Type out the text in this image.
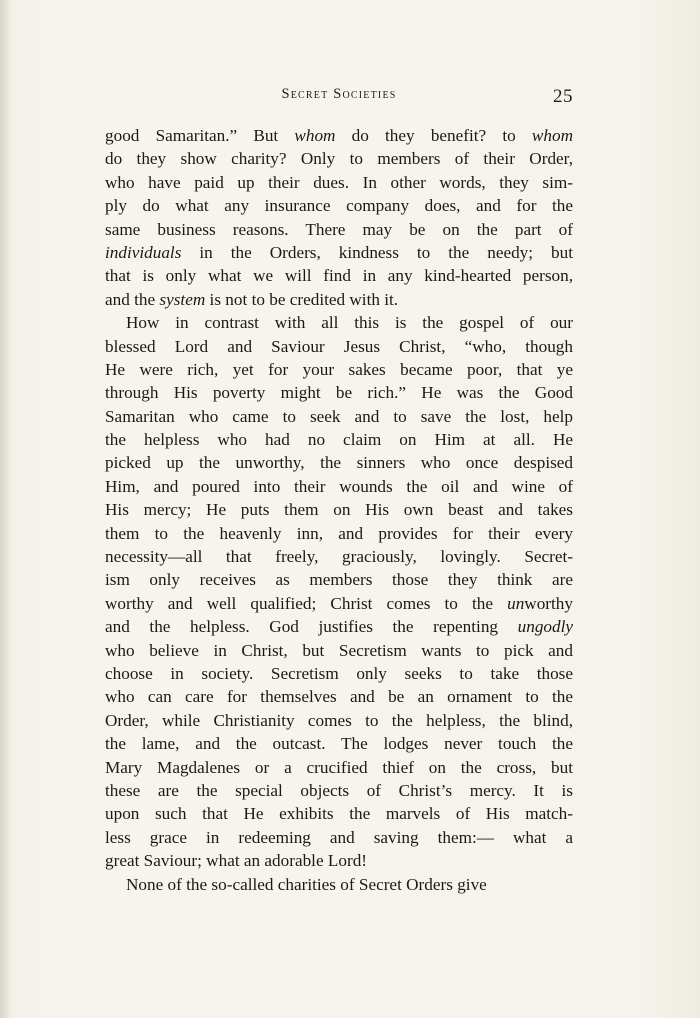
Secret Societies	25
good Samaritan.” But whom do they benefit? to whom
do they show charity? Only to members of their Order,
who have paid up their dues. In other words, they sim-
ply do what any insurance company does, and for the
same business reasons. There may be on the part of
individuals in the Orders, kindness to the needy; but
that is only what we will find in any kind-hearted person,
and the system is not to be credited with it.
How in contrast with all this is the gospel of our
blessed Lord and Saviour Jesus Christ, “who, though
He were rich, yet for your sakes became poor, that ye
through His poverty might be rich.” He was the Good
Samaritan who came to seek and to save the lost, help
the helpless who had no claim on Him at all. He
picked up the unworthy, the sinners who once despised
Him, and poured into their wounds the oil and wine of
His mercy; He puts them on His own beast and takes
them to the heavenly inn, and provides for their every
necessity—all that freely, graciously, lovingly. Secret-
ism only receives as members those they think are
worthy and well qualified; Christ comes to the unworthy
and the helpless. God justifies the repenting ungodly
who believe in Christ, but Secretism wants to pick and
choose in society. Secretism only seeks to take those
who can care for themselves and be an ornament to the
Order, while Christianity comes to the helpless, the blind,
the lame, and the outcast. The lodges never touch the
Mary Magdalenes or a crucified thief on the cross, but
these are the special objects of Christ’s mercy. It is
upon such that He exhibits the marvels of His match-
less grace in redeeming and saving them:— what a
great Saviour; what an adorable Lord!
None of the so-called charities of Secret Orders give
